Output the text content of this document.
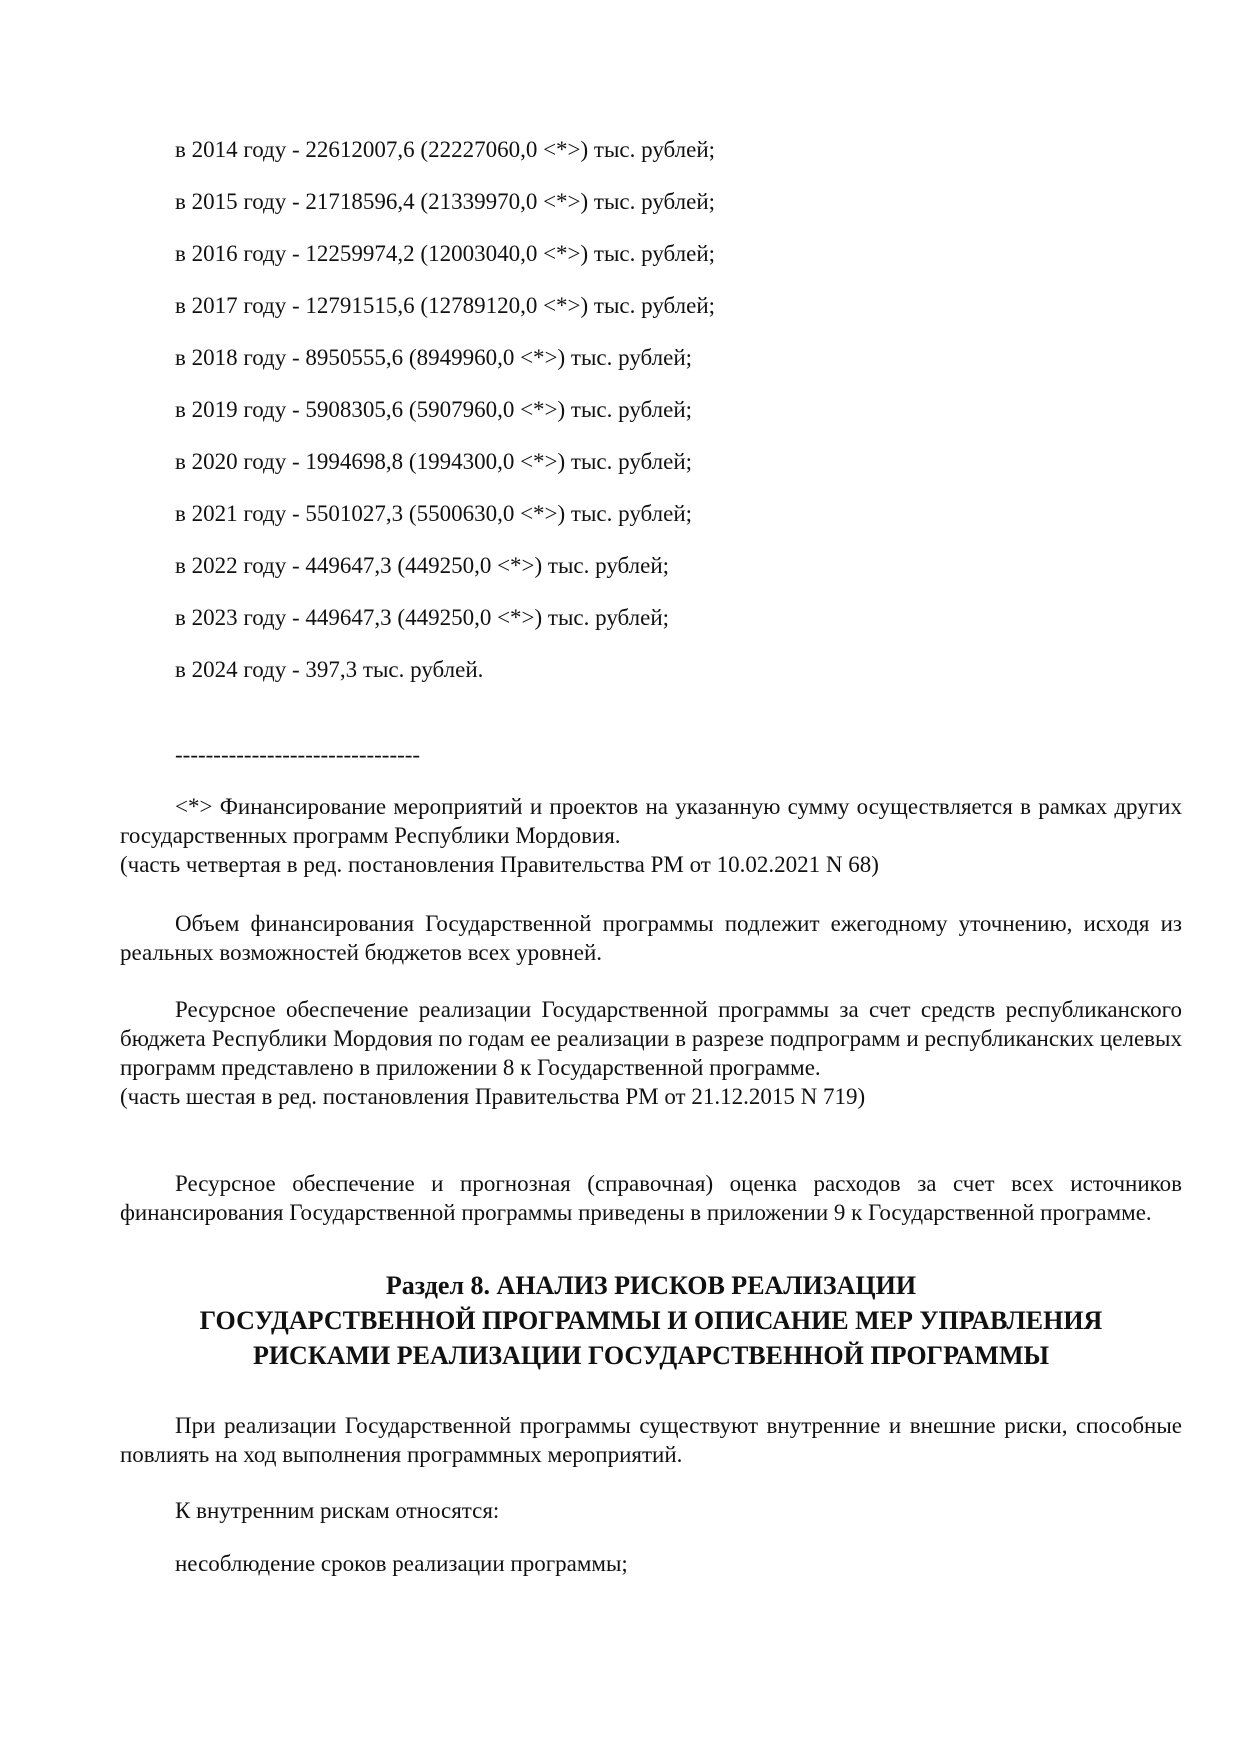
в 2014 году - 22612007,6 (22227060,0 <*>) тыс. рублей;
в 2015 году - 21718596,4 (21339970,0 <*>) тыс. рублей;
в 2016 году - 12259974,2 (12003040,0 <*>) тыс. рублей;
в 2017 году - 12791515,6 (12789120,0 <*>) тыс. рублей;
в 2018 году - 8950555,6 (8949960,0 <*>) тыс. рублей;
в 2019 году - 5908305,6 (5907960,0 <*>) тыс. рублей;
в 2020 году - 1994698,8 (1994300,0 <*>) тыс. рублей;
в 2021 году - 5501027,3 (5500630,0 <*>) тыс. рублей;
в 2022 году - 449647,3 (449250,0 <*>) тыс. рублей;
в 2023 году - 449647,3 (449250,0 <*>) тыс. рублей;
в 2024 году - 397,3 тыс. рублей.
--------------------------------
<*> Финансирование мероприятий и проектов на указанную сумму осуществляется в рамках других государственных программ Республики Мордовия.
(часть четвертая в ред. постановления Правительства РМ от 10.02.2021 N 68)
Объем финансирования Государственной программы подлежит ежегодному уточнению, исходя из реальных возможностей бюджетов всех уровней.
Ресурсное обеспечение реализации Государственной программы за счет средств республиканского бюджета Республики Мордовия по годам ее реализации в разрезе подпрограмм и республиканских целевых программ представлено в приложении 8 к Государственной программе.
(часть шестая в ред. постановления Правительства РМ от 21.12.2015 N 719)
Ресурсное обеспечение и прогнозная (справочная) оценка расходов за счет всех источников финансирования Государственной программы приведены в приложении 9 к Государственной программе.
Раздел 8. АНАЛИЗ РИСКОВ РЕАЛИЗАЦИИ
ГОСУДАРСТВЕННОЙ ПРОГРАММЫ И ОПИСАНИЕ МЕР УПРАВЛЕНИЯ
РИСКАМИ РЕАЛИЗАЦИИ ГОСУДАРСТВЕННОЙ ПРОГРАММЫ
При реализации Государственной программы существуют внутренние и внешние риски, способные повлиять на ход выполнения программных мероприятий.
К внутренним рискам относятся:
несоблюдение сроков реализации программы;
